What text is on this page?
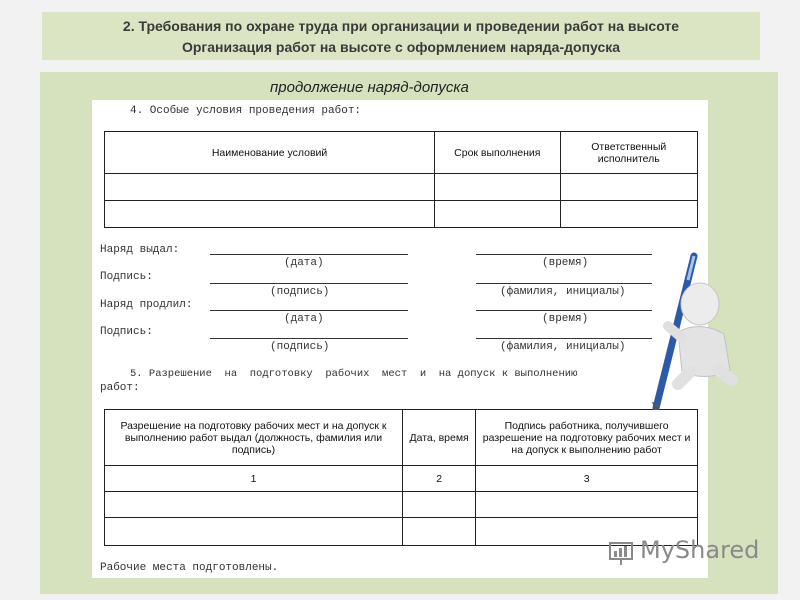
2. Требования по охране труда при организации и проведении работ на высоте
Организация работ на высоте с оформлением наряда-допуска
продолжение наряд-допуска
4. Особые условия проведения работ:
Наименование условий	Срок выполнения	Ответственный исполнитель

Наряд выдал:
(дата)	(время)
Подпись:
(подпись)	(фамилия, инициалы)
Наряд продлил:
(дата)	(время)
Подпись:
(подпись)	(фамилия, инициалы)
5. Разрешение  на  подготовку  рабочих  мест  и  на допуск к выполнению
работ:
Разрешение на подготовку рабочих мест и на допуск к выполнению работ выдал (должность, фамилия или подпись)	Дата, время	Подпись работника, получившего разрешение на подготовку рабочих мест и на допуск к выполнению работ
1	2	3

Рабочие места подготовлены.
MyShared
